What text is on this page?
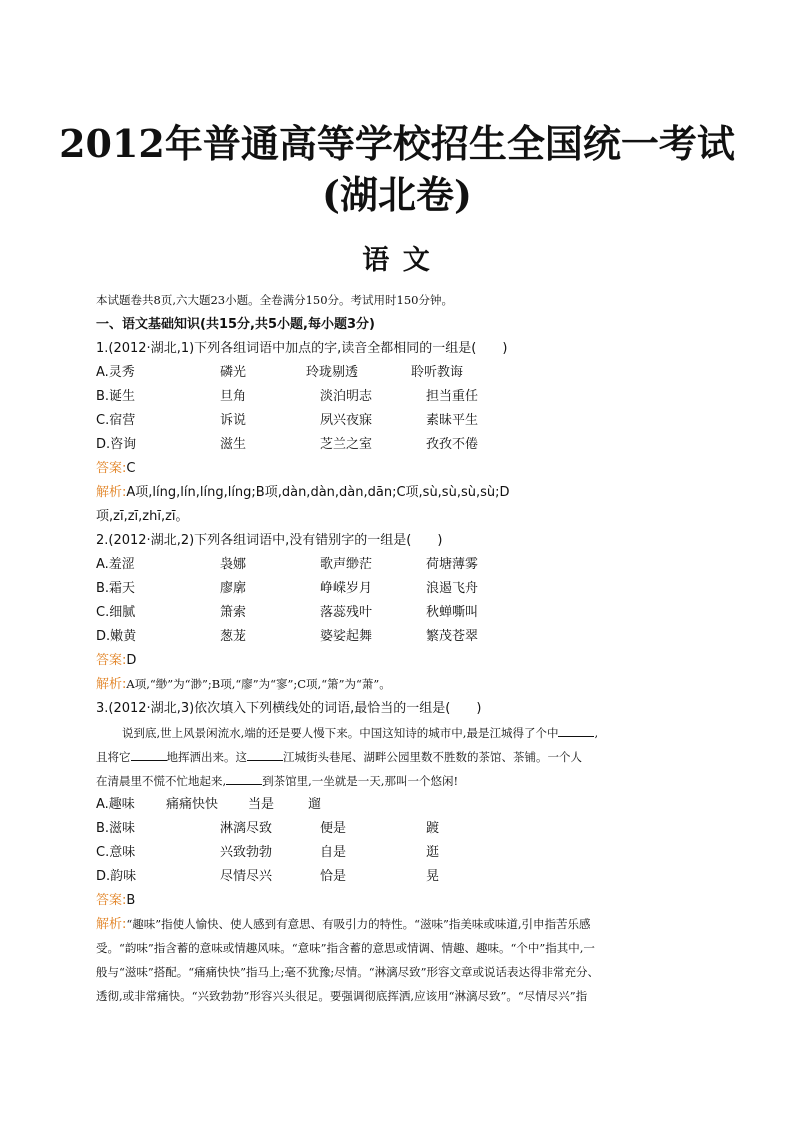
2012年普通高等学校招生全国统一考试
(湖北卷)
语 文
本试题卷共8页,六大题23小题。全卷满分150分。考试用时150分钟。
一、语文基础知识(共15分,共5小题,每小题3分)
1.(2012·湖北,1)下列各组词语中加点的字,读音全都相同的一组是(　　)
A.灵秀	磷光	玲珑剔透	聆听教诲
B.诞生	旦角	淡泊明志	担当重任
C.宿营	诉说	夙兴夜寐	素昧平生
D.咨询	滋生	芝兰之室	孜孜不倦
答案:C
解析:A项,líng,lín,líng,líng;B项,dàn,dàn,dàn,dān;C项,sù,sù,sù,sù;D
项,zī,zī,zhī,zī。
2.(2012·湖北,2)下列各组词语中,没有错别字的一组是(　　)
A.羞涩	袅娜	歌声缈茫	荷塘薄雾
B.霜天	廖廓	峥嵘岁月	浪遏飞舟
C.细腻	箫索	落蕊残叶	秋蝉嘶叫
D.嫩黄	葱茏	婆娑起舞	繁茂苍翠
答案:D
解析:A项,“缈”为“渺”;B项,“廖”为“寥”;C项,“箫”为“萧”。
3.(2012·湖北,3)依次填入下列横线处的词语,最恰当的一组是(　　)
说到底,世上风景闲流水,端的还是要人慢下来。中国这知诗的城市中,最是江城得了个中	,
且将它	地挥洒出来。这	江城街头巷尾、湖畔公园里数不胜数的茶馆、茶铺。一个人
在清晨里不慌不忙地起来,	到茶馆里,一坐就是一天,那叫一个悠闲!
A.趣味 痛痛快快 当是	遛
B.滋味	淋漓尽致	便是	踱
C.意味	兴致勃勃	自是	逛
D.韵味	尽情尽兴	恰是	晃
答案:B
解析:“趣味”指使人愉快、使人感到有意思、有吸引力的特性。“滋味”指美味或味道,引申指苦乐感
受。“韵味”指含蓄的意味或情趣风味。“意味”指含蓄的意思或情调、情趣、趣味。“个中”指其中,一
般与“滋味”搭配。“痛痛快快”指马上;毫不犹豫;尽情。“淋漓尽致”形容文章或说话表达得非常充分、
透彻,或非常痛快。“兴致勃勃”形容兴头很足。要强调彻底挥洒,应该用“淋漓尽致”。“尽情尽兴”指
